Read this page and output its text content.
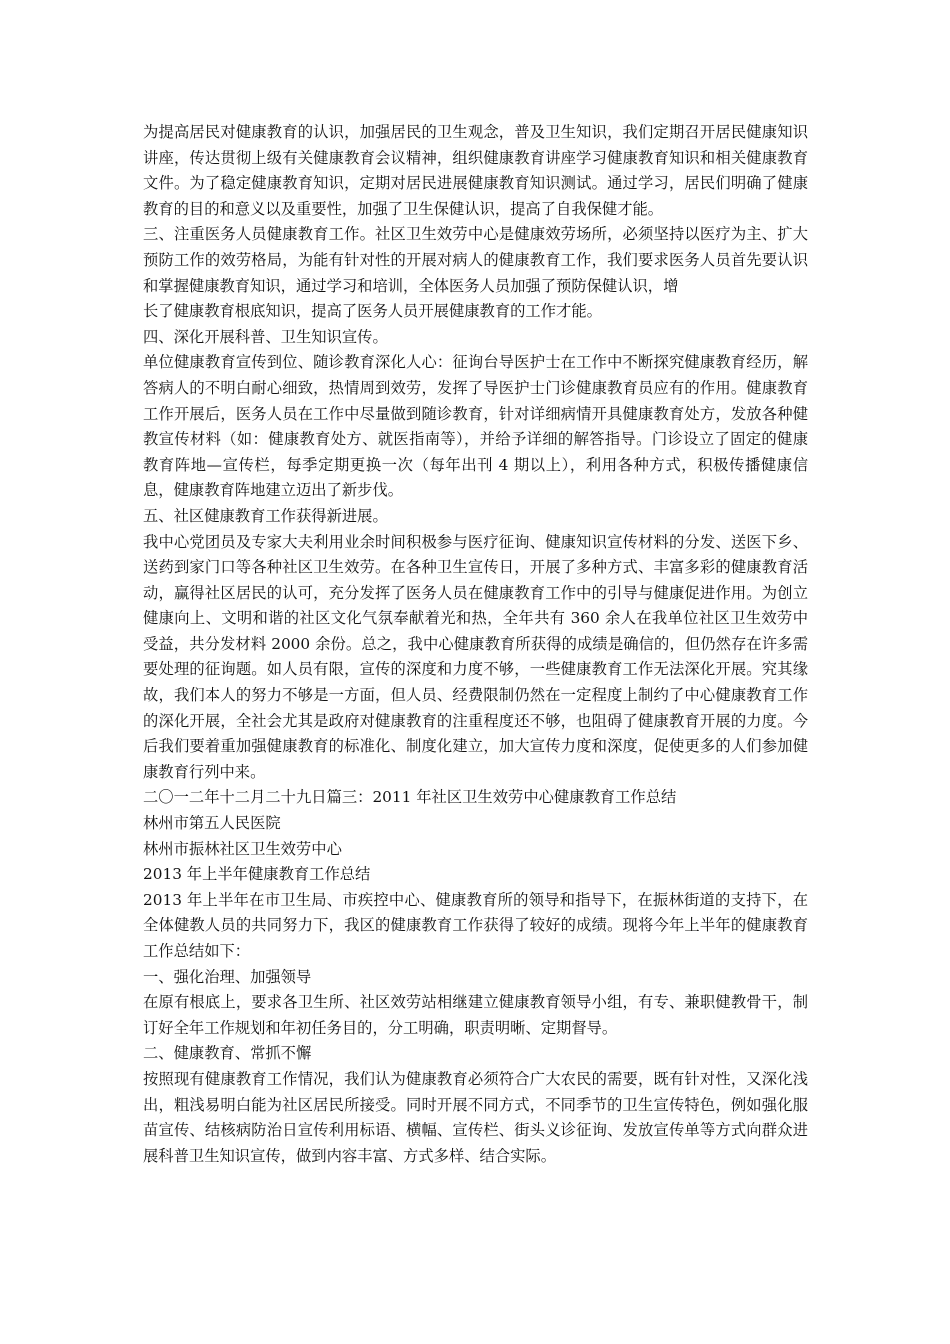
为提高居民对健康教育的认识，加强居民的卫生观念，普及卫生知识，我们定期召开居民健康知识讲座，传达贯彻上级有关健康教育会议精神，组织健康教育讲座学习健康教育知识和相关健康教育文件。为了稳定健康教育知识，定期对居民进展健康教育知识测试。通过学习，居民们明确了健康教育的目的和意义以及重要性，加强了卫生保健认识，提高了自我保健才能。

三、注重医务人员健康教育工作。社区卫生效劳中心是健康效劳场所，必须坚持以医疗为主、扩大预防工作的效劳格局，为能有针对性的开展对病人的健康教育工作，我们要求医务人员首先要认识和掌握健康教育知识，通过学习和培训，全体医务人员加强了预防保健认识，增

长了健康教育根底知识，提高了医务人员开展健康教育的工作才能。

四、深化开展科普、卫生知识宣传。

单位健康教育宣传到位、随诊教育深化人心：征询台导医护士在工作中不断探究健康教育经历，解答病人的不明白耐心细致，热情周到效劳，发挥了导医护士门诊健康教育员应有的作用。健康教育工作开展后，医务人员在工作中尽量做到随诊教育，针对详细病情开具健康教育处方，发放各种健教宣传材料（如：健康教育处方、就医指南等），并给予详细的解答指导。门诊设立了固定的健康教育阵地—宣传栏，每季定期更换一次（每年出刊 4 期以上），利用各种方式，积极传播健康信息，健康教育阵地建立迈出了新步伐。

五、社区健康教育工作获得新进展。

我中心党团员及专家大夫利用业余时间积极参与医疗征询、健康知识宣传材料的分发、送医下乡、送药到家门口等各种社区卫生效劳。在各种卫生宣传日，开展了多种方式、丰富多彩的健康教育活动，赢得社区居民的认可，充分发挥了医务人员在健康教育工作中的引导与健康促进作用。为创立健康向上、文明和谐的社区文化气氛奉献着光和热，全年共有 360 余人在我单位社区卫生效劳中受益，共分发材料 2000 余份。总之，我中心健康教育所获得的成绩是确信的，但仍然存在许多需要处理的征询题。如人员有限，宣传的深度和力度不够，一些健康教育工作无法深化开展。究其缘故，我们本人的努力不够是一方面，但人员、经费限制仍然在一定程度上制约了中心健康教育工作的深化开展，全社会尤其是政府对健康教育的注重程度还不够，也阻碍了健康教育开展的力度。今后我们要着重加强健康教育的标准化、制度化建立，加大宣传力度和深度，促使更多的人们参加健康教育行列中来。

二〇一二年十二月二十九日篇三：2011 年社区卫生效劳中心健康教育工作总结

林州市第五人民医院

林州市振林社区卫生效劳中心

2013 年上半年健康教育工作总结

2013 年上半年在市卫生局、市疾控中心、健康教育所的领导和指导下，在振林街道的支持下，在全体健教人员的共同努力下，我区的健康教育工作获得了较好的成绩。现将今年上半年的健康教育工作总结如下：

一、强化治理、加强领导

在原有根底上，要求各卫生所、社区效劳站相继建立健康教育领导小组，有专、兼职健教骨干，制订好全年工作规划和年初任务目的，分工明确，职责明晰、定期督导。

二、健康教育、常抓不懈

按照现有健康教育工作情况，我们认为健康教育必须符合广大农民的需要，既有针对性，又深化浅出，粗浅易明白能为社区居民所接受。同时开展不同方式，不同季节的卫生宣传特色，例如强化服苗宣传、结核病防治日宣传利用标语、横幅、宣传栏、街头义诊征询、发放宣传单等方式向群众进展科普卫生知识宣传，做到内容丰富、方式多样、结合实际。
